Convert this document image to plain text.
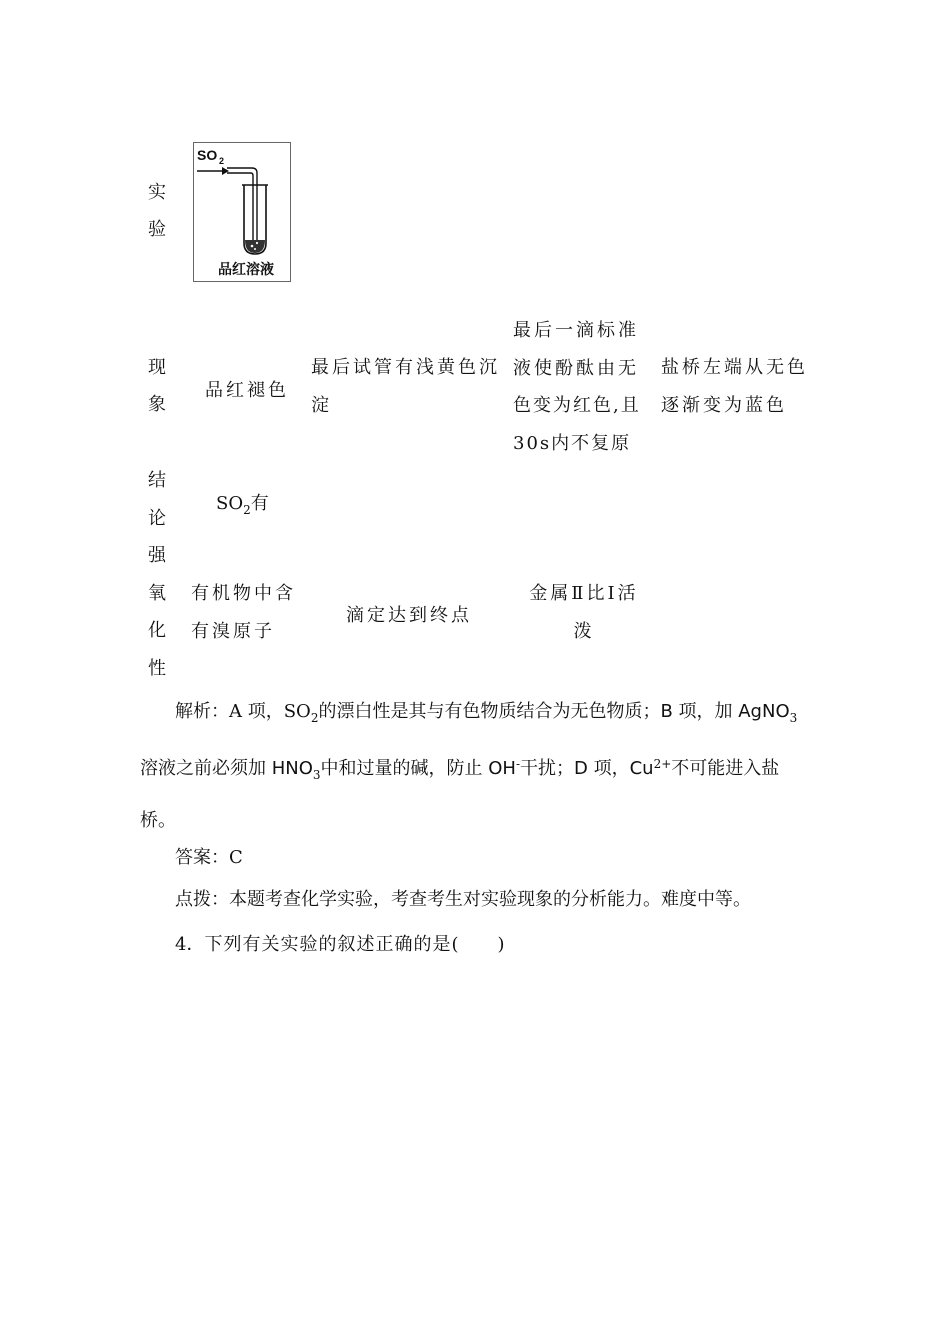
实验
SO 2
品红溶液
现象
品红褪色
最后试管有浅黄色沉
淀
最后一滴标准
液使酚酞由无
色变为红色,且
30s内不复原
盐桥左端从无色
逐渐变为蓝色
结
论
强
氧
化
性
$SO_2$有
有机物中含
有溴原子
滴定达到终点
金属Ⅱ比Ⅰ活
泼
解析：A 项，$SO_2$的漂白性是其与有色物质结合为无色物质；B 项，加 AgNO$_3$
溶液之前必须加 $HNO_3$中和过量的碱，防止 OH-干扰；D 项，$Cu^{2+}$不可能进入盐
桥。
答案：C
点拨：本题考查化学实验，考查考生对实验现象的分析能力。难度中等。
4．下列有关实验的叙述正确的是(　　)
